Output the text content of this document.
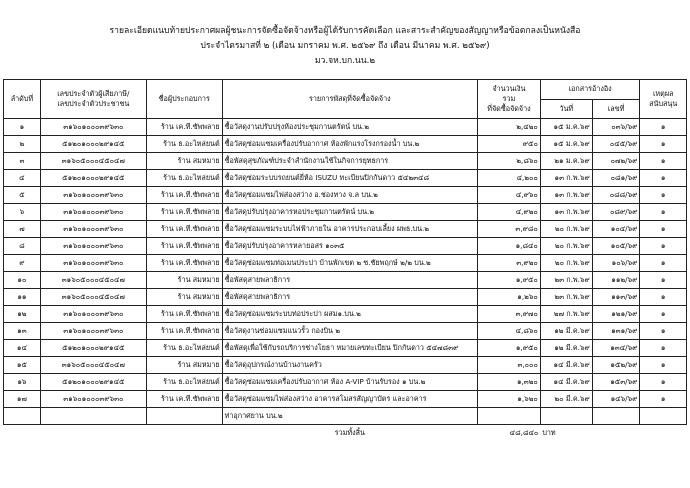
รายละเอียดแนบท้ายประกาศผลผู้ชนะการจัดซื้อจัดจ้างหรือผู้ได้รับการคัดเลือก และสาระสำคัญของสัญญาหรือข้อตกลงเป็นหนังสือ
ประจำไตรมาสที่ ๒ (เดือน มกราคม พ.ศ. ๒๕๖๙ ถึง เดือน มีนาคม พ.ศ. ๒๕๖๙)
มว.จห.บก.นน.๒
ลำดับที่	เลขประจำตัวผู้เสียภาษี/
เลขประจำตัวประชาชน	ชื่อผู้ประกอบการ	รายการพัสดุที่จัดซื้อจัดจ้าง	จำนวนเงิน
รวม
ที่จัดซื้อจัดจ้าง	เอกสารอ้างอิง		เหตุผล
สนับสนุน
					วันที่	เลขที่	
๑	๓๑๖๐๑๐๐๐๓๙๖๓๐	ร้าน เค.ที.ซัพพลาย	ซื้อวัสดุงานปรับปรุงห้องประชุมกานตรัตน์ บน.๒	๒,๔๒๐	๑๕ ม.ค.๖๙	๐๓๖/๖๙	๑
๒	๕๑๒๐๑๐๐๐๒๙๑๔๕	ร้าน ธ.อะไหล่ยนต์	ซื้อวัสดุซ่อมแซมเครื่องปรับอากาศ ห้องพักแรงโรงกรองน้ำ บน.๒	๙๕๐	๑๕ ม.ค.๖๙	๐๔๕/๖๙	๑
๓	๓๑๖๐๕๐๐๐๔๕๐๔๗	ร้าน สมหมาย	ซื้อพัสดุสุขภัณฑ์ประจำสำนักงานใช้ในกิจการยุทธการ	๒,๘๖๐	๒๑ ม.ค.๖๙	๐๗๒/๖๙	๑
๔	๕๑๒๐๑๐๐๐๒๙๑๔๕	ร้าน ธ.อะไหล่ยนต์	ซื้อวัสดุซ่อมระบบรถยนต์ยี่ห้อ ISUZU ทะเบียนปิกกันดาว ๕๔๒๓๔๘	๔,๒๐๐	๑๓ ก.พ.๖๙	๐๘๑/๖๙	๑
๕	๓๑๖๐๑๐๐๐๓๙๖๓๐	ร้าน เค.ที.ซัพพลาย	ซื้อวัสดุซ่อมแซมไฟส่องสว่าง อ.ช่องทาง จ.ล บน.๒	๔,๙๖๐	๑๓ ก.พ.๖๙	๐๘๘/๖๙	๑
๖	๓๑๖๐๑๐๐๐๓๙๖๓๐	ร้าน เค.ที.ซัพพลาย	ซื้อวัสดุปรับปรุงอาคารหอประชุมกานตรัตน์ บน.๒	๔,๙๒๐	๑๓ ก.พ.๖๙	๐๘๙/๖๙	๑
๗	๓๑๖๐๑๐๐๐๓๙๖๓๐	ร้าน เค.ที.ซัพพลาย	ซื้อวัสดุซ่อมแซมระบบไฟฟ้าภายใน อาคารประกอบเลี้ยง ผพธ.บน.๒	๓,๙๘๐	๒๐ ก.พ.๖๙	๑๐๔/๖๙	๑
๘	๓๑๖๐๑๐๐๐๓๙๖๓๐	ร้าน เค.ที.ซัพพลาย	ซื้อวัสดุปรับปรุงอาคารหลายอสร ๑๐๓๕	๑,๘๔๐	๒๐ ก.พ.๖๙	๑๐๕/๖๙	๑
๙	๓๑๖๐๑๐๐๐๓๙๖๓๐	ร้าน เค.ที.ซัพพลาย	ซื้อวัสดุซ่อมแซมท่อเมนประปา บ้านพักเขต ๒ ซ.ชัยพฤกษ์ ๒/๒ บน.๒	๓,๙๒๐	๒๐ ก.พ.๖๙	๑๐๖/๖๙	๑
๑๐	๓๑๖๐๕๐๐๐๔๕๐๔๗	ร้าน สมหมาย	ซื้อพัสดุสายพลาธิการ	๑,๙๕๐	๒๓ ก.พ.๖๙	๑๑๒/๖๙	๑
๑๑	๓๑๖๐๕๐๐๐๔๕๐๔๗	ร้าน สมหมาย	ซื้อพัสดุสายพลาธิการ	๑,๒๖๐	๒๓ ก.พ.๖๙	๑๑๓/๖๙	๑
๑๒	๓๑๖๐๑๐๐๐๓๙๖๓๐	ร้าน เค.ที.ซัพพลาย	ซื้อวัสดุซ่อมแซมระบบท่อประปา ผสม๑.บน.๒	๓,๙๗๐	๒๗ ก.พ.๖๙	๑๒๑/๖๙	๑
๑๓	๓๑๖๐๑๐๐๐๓๙๖๓๐	ร้าน เค.ที.ซัพพลาย	ซื้อวัสดุงานซ่อมแซมแนวรั้ว กองบิน ๒	๔,๘๖๐	๑๒ มี.ค.๖๙	๑๓๑/๖๙	๑
๑๔	๕๑๒๐๑๐๐๐๒๙๑๔๕	ร้าน ธ.อะไหล่ยนต์	ซื้อพัสดุเพื่อใช้กับรถบริการช่างโยธา หมายเลขทะเบียน ปิกกันดาว ๕๔๗๘๓๙	๑,๙๕๐	๑๒ มี.ค.๖๙	๑๓๔/๖๙	๑
๑๕	๓๑๖๐๕๐๐๐๔๕๐๔๗	ร้าน สมหมาย	ซื้อวัสดุอุปกรณ์งานบ้านงานครัว	๓,๐๐๐	๑๔ มี.ค.๖๙	๑๕๒/๖๙	๑
๑๖	๕๑๒๐๑๐๐๐๒๙๑๔๕	ร้าน ธ.อะไหล่ยนต์	ซื้อวัสดุซ่อมแซมเครื่องปรับอากาศ ห้อง A-VIP บ้านรับรอง ๑ บน.๒	๑,๓๒๐	๑๔ มี.ค.๖๙	๑๕๓/๖๙	๑
๑๗	๓๑๖๐๑๐๐๐๓๙๖๓๐	ร้าน เค.ที.ซัพพลาย	ซื้อวัสดุซ่อมแซมไฟส่องสว่าง อาคารสโมสรสัญญาบัตร และอาคาร	๑,๖๒๐	๒๐ มี.ค.๖๙	๑๔๖/๖๙	๑
			ท่าอุกาศยาน บน.๒				
			รวมทั้งสิ้น	๔๘,๘๔๐	บาท		
